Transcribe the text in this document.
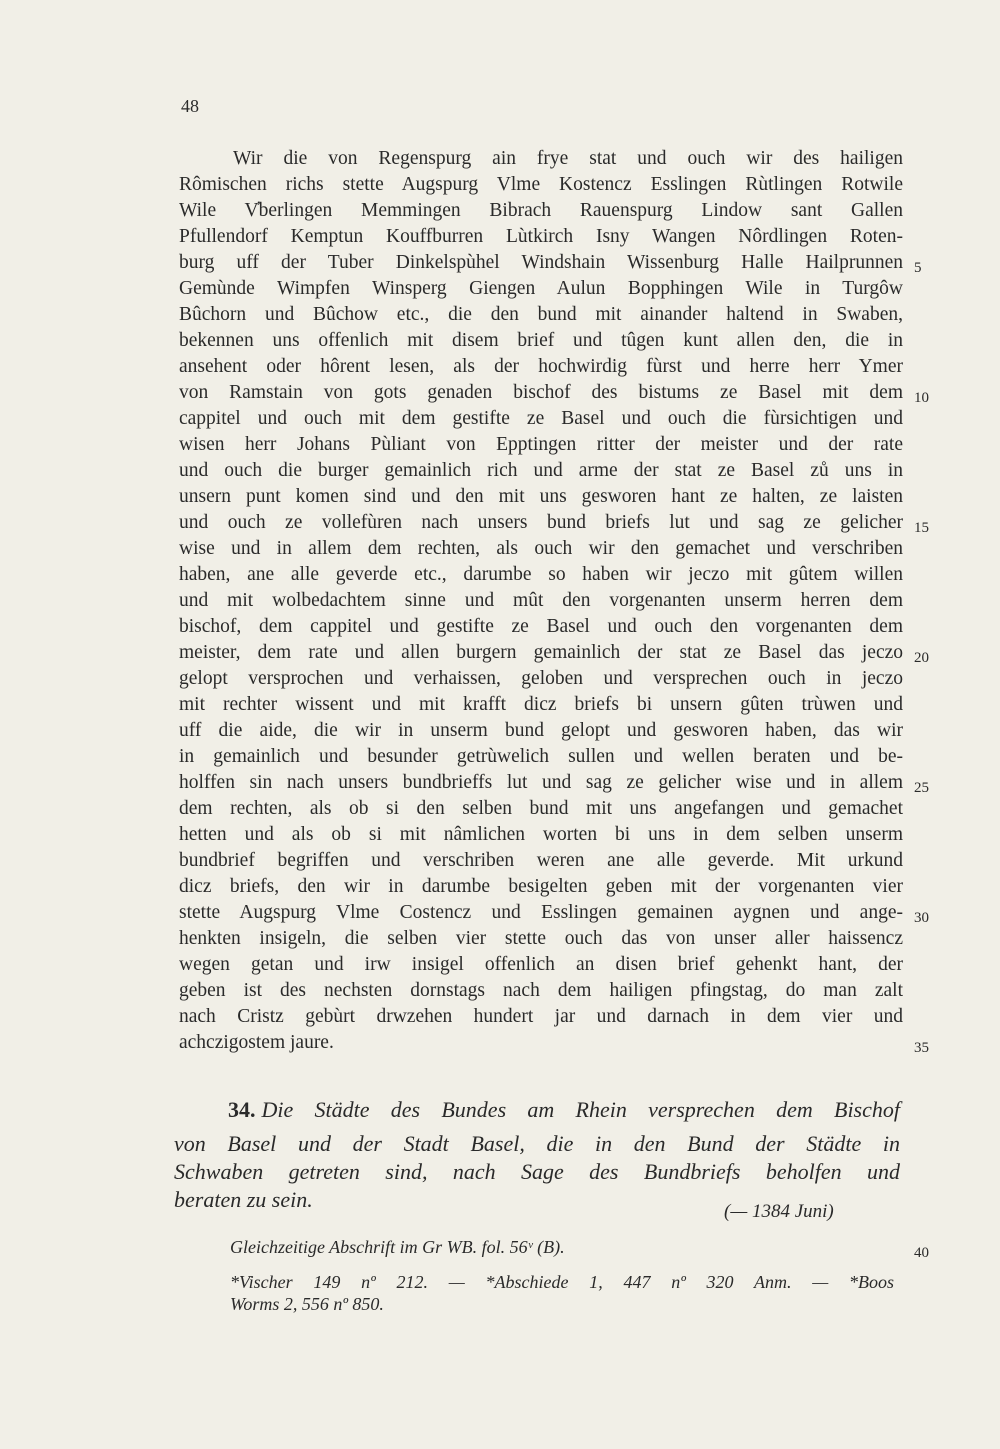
48
Wir die von Regenspurg ain frye stat und ouch wir des hailigen
Rômischen richs stette Augspurg Vlme Kostencz Esslingen Rùtlingen Rotwile
Wile V̓berlingen Memmingen Bibrach Rauenspurg Lindow sant Gallen
Pfullendorf Kemptun Kouffburren Lùtkirch Isny Wangen Nôrdlingen Roten-
burg uff der Tuber Dinkelspùhel Windshain Wissenburg Halle Hailprunnen
Gemùnde Wimpfen Winsperg Giengen Aulun Bopphingen Wile in Turgôw
Bûchorn und Bûchow etc., die den bund mit ainander haltend in Swaben,
bekennen uns offenlich mit disem brief und tûgen kunt allen den, die in
ansehent oder hôrent lesen, als der hochwirdig fùrst und herre herr Ymer
von Ramstain von gots genaden bischof des bistums ze Basel mit dem
cappitel und ouch mit dem gestifte ze Basel und ouch die fùrsichtigen und
wisen herr Johans Pùliant von Epptingen ritter der meister und der rate
und ouch die burger gemainlich rich und arme der stat ze Basel zů uns in
unsern punt komen sind und den mit uns gesworen hant ze halten, ze laisten
und ouch ze vollefùren nach unsers bund briefs lut und sag ze gelicher
wise und in allem dem rechten, als ouch wir den gemachet und verschriben
haben, ane alle geverde etc., darumbe so haben wir jeczo mit gûtem willen
und mit wolbedachtem sinne und mût den vorgenanten unserm herren dem
bischof, dem cappitel und gestifte ze Basel und ouch den vorgenanten dem
meister, dem rate und allen burgern gemainlich der stat ze Basel das jeczo
gelopt versprochen und verhaissen, geloben und versprechen ouch in jeczo
mit rechter wissent und mit krafft dicz briefs bi unsern gûten trùwen und
uff die aide, die wir in unserm bund gelopt und gesworen haben, das wir
in gemainlich und besunder getrùwelich sullen und wellen beraten und be-
holffen sin nach unsers bundbrieffs lut und sag ze gelicher wise und in allem
dem rechten, als ob si den selben bund mit uns angefangen und gemachet
hetten und als ob si mit nâmlichen worten bi uns in dem selben unserm
bundbrief begriffen und verschriben weren ane alle geverde. Mit urkund
dicz briefs, den wir in darumbe besigelten geben mit der vorgenanten vier
stette Augspurg Vlme Costencz und Esslingen gemainen aygnen und ange-
henkten insigeln, die selben vier stette ouch das von unser aller haissencz
wegen getan und irw insigel offenlich an disen brief gehenkt hant, der
geben ist des nechsten dornstags nach dem hailigen pfingstag, do man zalt
nach Cristz gebùrt drwzehen hundert jar und darnach in dem vier und
achczigostem jaure.
5
10
15
20
25
30
35
40
34. Die Städte des Bundes am Rhein versprechen dem Bischof
von Basel und der Stadt Basel, die in den Bund der Städte in
Schwaben getreten sind, nach Sage des Bundbriefs beholfen und
beraten zu sein.	(— 1384 Juni)
Gleichzeitige Abschrift im Gr WB. fol. 56ᵛ (B).
*Vischer 149 nº 212. — *Abschiede 1, 447 nº 320 Anm. — *Boos
Worms 2, 556 nº 850.
